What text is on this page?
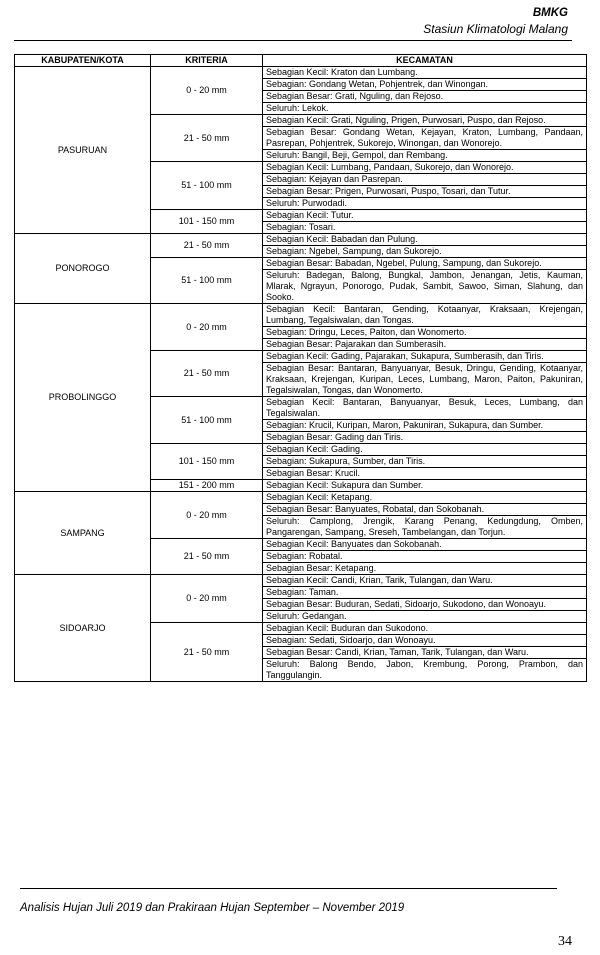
BMKG
Stasiun Klimatologi Malang
KABUPATEN/KOTA	KRITERIA	KECAMATAN
PASURUAN	0 - 20 mm	Sebagian Kecil: Kraton dan Lumbang.
		Sebagian: Gondang Wetan, Pohjentrek, dan Winongan.
		Sebagian Besar: Grati, Nguling, dan Rejoso.
		Seluruh: Lekok.
	21 - 50 mm	Sebagian Kecil: Grati, Nguling, Prigen, Purwosari, Puspo, dan Rejoso.
		Sebagian Besar: Gondang Wetan, Kejayan, Kraton, Lumbang, Pandaan, Pasrepan, Pohjentrek, Sukorejo, Winongan, dan Wonorejo.
		Seluruh: Bangil, Beji, Gempol, dan Rembang.
	51 - 100 mm	Sebagian Kecil: Lumbang, Pandaan, Sukorejo, dan Wonorejo.
		Sebagian: Kejayan dan Pasrepan.
		Sebagian Besar: Prigen, Purwosari, Puspo, Tosari, dan Tutur.
		Seluruh: Purwodadi.
	101 - 150 mm	Sebagian Kecil: Tutur.
		Sebagian: Tosari.
PONOROGO	21 - 50 mm	Sebagian Kecil: Babadan dan Pulung.
		Sebagian: Ngebel, Sampung, dan Sukorejo.
	51 - 100 mm	Sebagian Besar: Babadan, Ngebel, Pulung, Sampung, dan Sukorejo.
		Seluruh: Badegan, Balong, Bungkal, Jambon, Jenangan, Jetis, Kauman, Mlarak, Ngrayun, Ponorogo, Pudak, Sambit, Sawoo, Siman, Slahung, dan Sooko.
PROBOLINGGO	0 - 20 mm	Sebagian Kecil: Bantaran, Gending, Kotaanyar, Kraksaan, Krejengan, Lumbang, Tegalsiwalan, dan Tongas.
		Sebagian: Dringu, Leces, Paiton, dan Wonomerto.
		Sebagian Besar: Pajarakan dan Sumberasih.
	21 - 50 mm	Sebagian Kecil: Gading, Pajarakan, Sukapura, Sumberasih, dan Tiris.
		Sebagian Besar: Bantaran, Banyuanyar, Besuk, Dringu, Gending, Kotaanyar, Kraksaan, Krejengan, Kuripan, Leces, Lumbang, Maron, Paiton, Pakuniran, Tegalsiwalan, Tongas, dan Wonomerto.
	51 - 100 mm	Sebagian Kecil: Bantaran, Banyuanyar, Besuk, Leces, Lumbang, dan Tegalsiwalan.
		Sebagian: Krucil, Kuripan, Maron, Pakuniran, Sukapura, dan Sumber.
		Sebagian Besar: Gading dan Tiris.
	101 - 150 mm	Sebagian Kecil: Gading.
		Sebagian: Sukapura, Sumber, dan Tiris.
		Sebagian Besar: Krucil.
	151 - 200 mm	Sebagian Kecil: Sukapura dan Sumber.
SAMPANG	0 - 20 mm	Sebagian Kecil: Ketapang.
		Sebagian Besar: Banyuates, Robatal, dan Sokobanah.
		Seluruh: Camplong, Jrengik, Karang Penang, Kedungdung, Omben, Pangarengan, Sampang, Sreseh, Tambelangan, dan Torjun.
	21 - 50 mm	Sebagian Kecil: Banyuates dan Sokobanah.
		Sebagian: Robatal.
		Sebagian Besar: Ketapang.
SIDOARJO	0 - 20 mm	Sebagian Kecil: Candi, Krian, Tarik, Tulangan, dan Waru.
		Sebagian: Taman.
		Sebagian Besar: Buduran, Sedati, Sidoarjo, Sukodono, dan Wonoayu.
		Seluruh: Gedangan.
	21 - 50 mm	Sebagian Kecil: Buduran dan Sukodono.
		Sebagian: Sedati, Sidoarjo, dan Wonoayu.
		Sebagian Besar: Candi, Krian, Taman, Tarik, Tulangan, dan Waru.
		Seluruh: Balong Bendo, Jabon, Krembung, Porong, Prambon, dan Tanggulangin.
Analisis Hujan Juli 2019 dan Prakiraan Hujan September – November 2019
34
